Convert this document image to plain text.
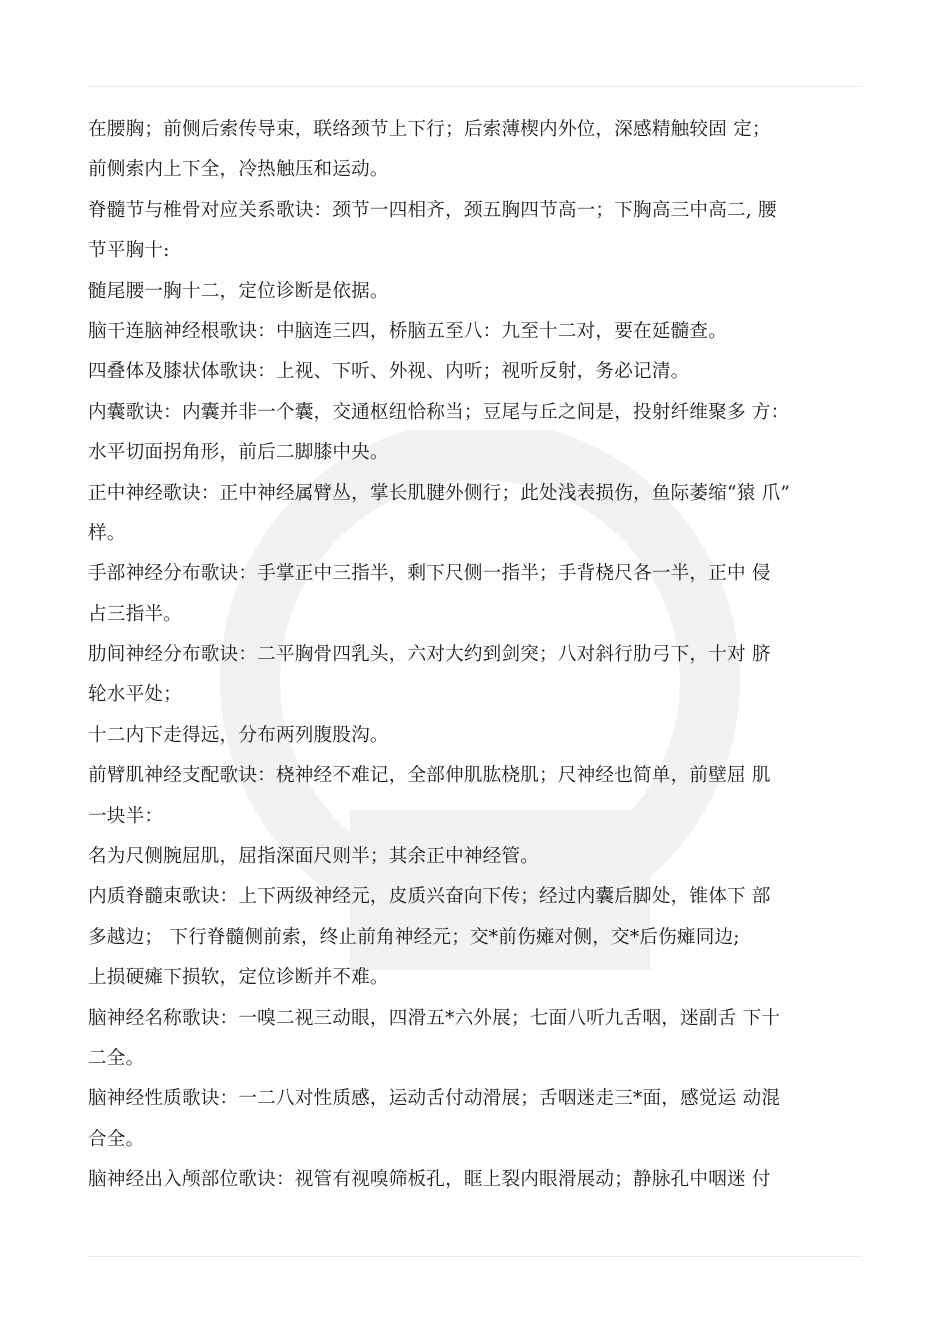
在腰胸；前侧后索传导束，联络颈节上下行；后索薄楔内外位，深感精触较固 定；
前侧索内上下全，冷热触压和运动。
脊髓节与椎骨对应关系歌诀：颈节一四相齐，颈五胸四节高一；下胸高三中高二, 腰
节平胸十:
髄尾腰一胸十二，定位诊断是依据。
脑干连脑神经根歌诀：中脑连三四，桥脑五至八：九至十二对，要在延髓查。
四叠体及膝状体歌诀：上视、下听、外视、内听；视听反射，务必记清。
内囊歌诀：内囊并非一个囊，交通枢纽恰称当；豆尾与丘之间是，投射纤维聚多 方：
水平切面拐角形，前后二脚膝中央。
正中神经歌诀：正中神经属臂丛，掌长肌腱外侧行；此处浅表损伤，鱼际萎缩“猿 爪”
样。
手部神经分布歌诀：手掌正中三指半，剩下尺侧一指半；手背桡尺各一半，正中 侵
占三指半。
肋间神经分布歌诀：二平胸骨四乳头，六对大约到剑突；八对斜行肋弓下，十对 脐
轮水平处；
十二内下走得远，分布两列腹股沟。
前臂肌神经支配歌诀：桡神经不难记，全部伸肌肱桡肌；尺神经也简单，前壁屈 肌
一块半：
名为尺侧腕屈肌，屈指深面尺则半；其余正中神经管。
内质脊髓束歌诀：上下两级神经元，皮质兴奋向下传；经过内囊后脚处，锥体下 部
多越边； 下行脊髓侧前索，终止前角神经元；交*前伤瘫对侧，交*后伤瘫同边;
上损硬瘫下损软，定位诊断并不难。
脑神经名称歌诀：一嗅二视三动眼，四滑五*六外展；七面八听九舌咽，迷副舌 下十
二全。
脑神经性质歌诀：一二八对性质感，运动舌付动滑展；舌咽迷走三*面，感觉运 动混
合全。
脑神经出入颅部位歌诀：视管有视嗅筛板孔，眶上裂内眼滑展动；静脉孔中咽迷 付
